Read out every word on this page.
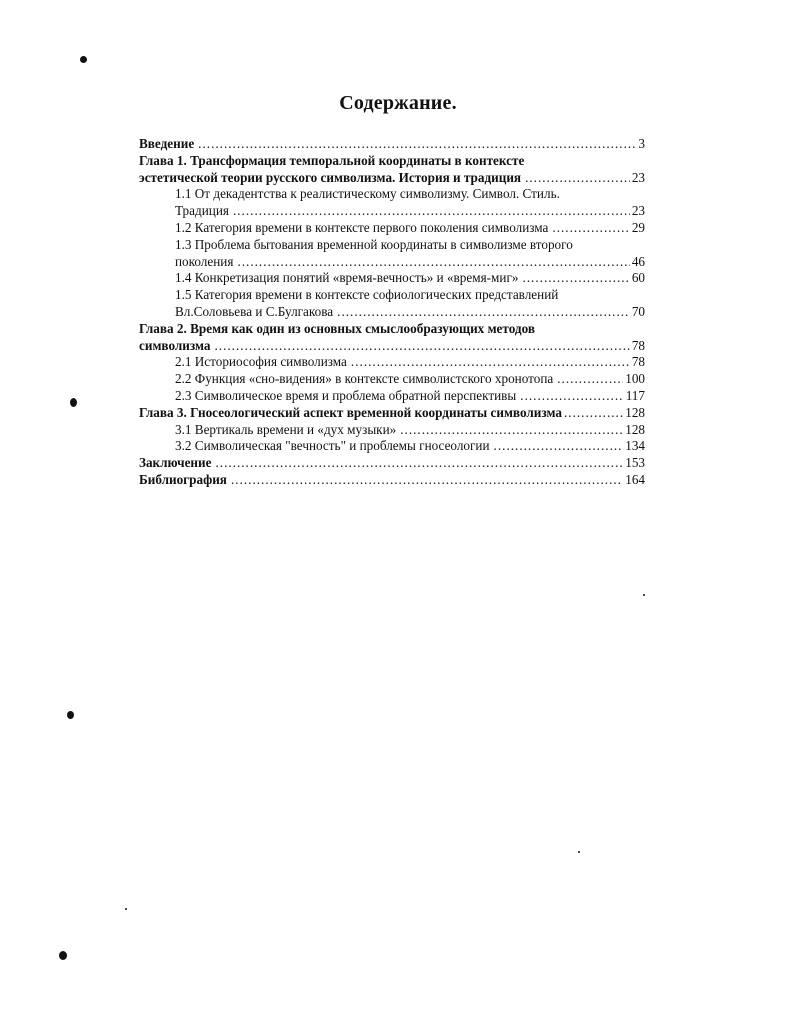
Содержание.
Введение .....	3
Глава 1. Трансформация темпоральной координаты в контексте
эстетической теории русского символизма. История и традиция .....	23
1.1 От декадентства к реалистическому символизму. Символ. Стиль.
Традиция .....	23
1.2 Категория времени в контексте первого поколения символизма .....	29
1.3 Проблема бытования временной координаты в символизме второго
поколения .....	46
1.4 Конкретизация понятий «время-вечность» и «время-миг» .....	60
1.5 Категория времени в контексте софиологических представлений
Вл.Соловьева и С.Булгакова .....	70
Глава 2. Время как один из основных смыслообразующих методов
символизма .....	78
2.1 Историософия символизма .....	78
2.2 Функция «сно-видения» в контексте символистского хронотопа .....	100
2.3 Символическое время и проблема обратной перспективы .....	117
Глава 3. Гносеологический аспект временной координаты символизма .....	128
3.1 Вертикаль времени и «дух музыки» .....	128
3.2 Символическая "вечность" и проблемы гносеологии .....	134
Заключение .....	153
Библиография .....	164
